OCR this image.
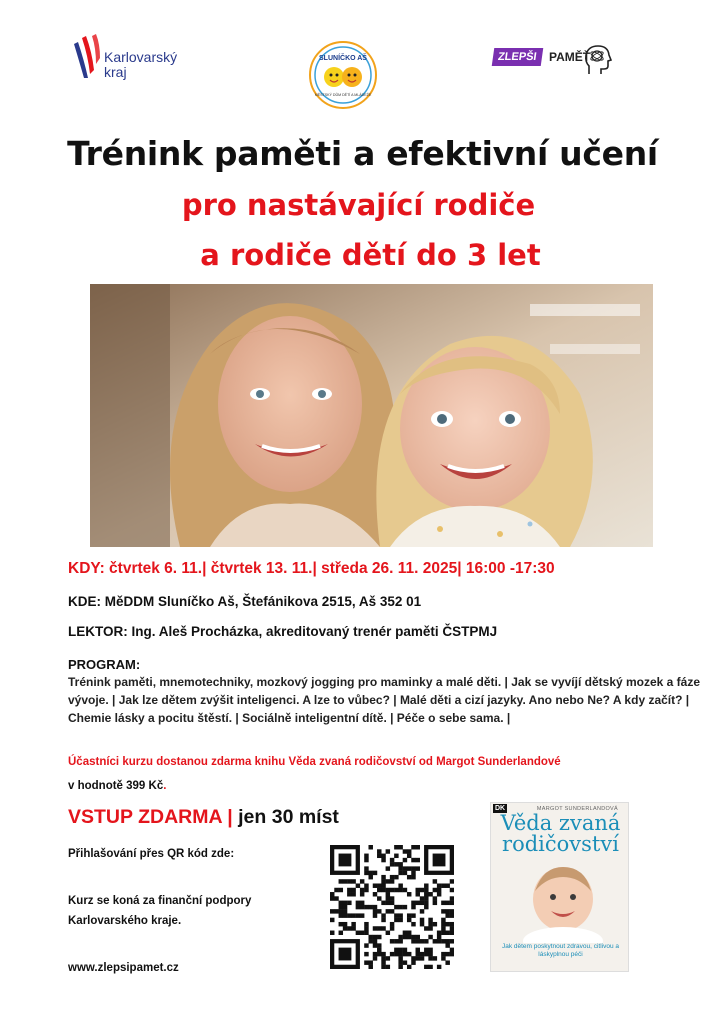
Karlovarský
kraj
SLUNÍČKO AŠ
MĚSTSKÝ DŮM DĚTÍ A MLÁDEŽE
ZLEPŠI PAMĚŤ
Trénink paměti a efektivní učení
pro nastávající rodiče
a rodiče dětí do 3 let
KDY: čtvrtek 6. 11.| čtvrtek 13. 11.| středa 26. 11. 2025| 16:00 -17:30
KDE: MěDDM Sluníčko Aš, Štefánikova 2515, Aš 352 01
LEKTOR: Ing. Aleš Procházka, akreditovaný trenér paměti ČSTPMJ
PROGRAM:
Trénink paměti, mnemotechniky, mozkový jogging pro maminky a malé děti. | Jak se vyvíjí dětský mozek a fáze vývoje. | Jak lze dětem zvýšit inteligenci. A lze to vůbec? | Malé děti a cizí jazyky. Ano nebo Ne? A kdy začít? | Chemie lásky a pocitu štěstí. | Sociálně inteligentní dítě. | Péče o sebe sama. |
Účastníci kurzu dostanou zdarma knihu Věda zvaná rodičovství od Margot Sunderlandové
v hodnotě 399 Kč.
VSTUP ZDARMA | jen 30 míst
Přihlašování přes QR kód zde:
Kurz se koná za finanční podpory Karlovarského kraje.
www.zlepsipamet.cz
DK	MARGOT SUNDERLANDOVÁ
Věda zvaná
rodičovství
Jak dětem poskytnout zdravou, citlivou a láskyplnou péči
